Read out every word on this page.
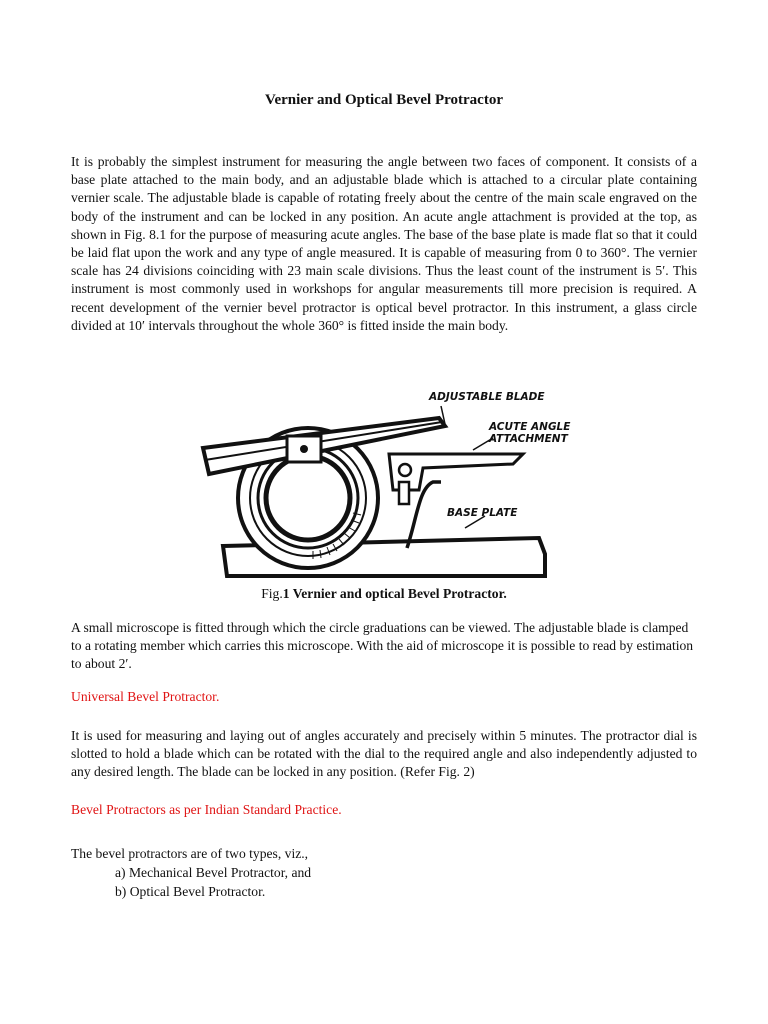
Vernier and Optical Bevel Protractor

It is probably the simplest instrument for measuring the angle between two faces of component. It consists of a base plate attached to the main body, and an adjustable blade which is attached to a circular plate containing vernier scale. The adjustable blade is capable of rotating freely about the centre of the main scale engraved on the body of the instrument and can be locked in any position. An acute angle attachment is provided at the top, as shown in Fig. 8.1 for the purpose of measuring acute angles. The base of the base plate is made flat so that it could be laid flat upon the work and any type of angle measured. It is capable of measuring from 0 to 360°. The vernier scale has 24 divisions coinciding with 23 main scale divisions. Thus the least count of the instrument is 5′. This instrument is most commonly used in workshops for angular measurements till more precision is required. A recent development of the vernier bevel protractor is optical bevel protractor. In this instrument, a glass circle divided at 10′ intervals throughout the whole 360° is fitted inside the main body.

ADJUSTABLE BLADE
ACUTE ANGLE
ATTACHMENT
BASE PLATE

Fig.1 Vernier and optical Bevel Protractor.

A small microscope is fitted through which the circle graduations can be viewed. The adjustable blade is clamped to a rotating member which carries this microscope. With the aid of microscope it is possible to read by estimation to about 2′.

Universal Bevel Protractor.

It is used for measuring and laying out of angles accurately and precisely within 5 minutes. The protractor dial is slotted to hold a blade which can be rotated with the dial to the required angle and also independently adjusted to any desired length. The blade can be locked in any position. (Refer Fig. 2)

Bevel Protractors as per Indian Standard Practice.

The bevel protractors are of two types, viz.,

a) Mechanical Bevel Protractor, and
b) Optical Bevel Protractor.
